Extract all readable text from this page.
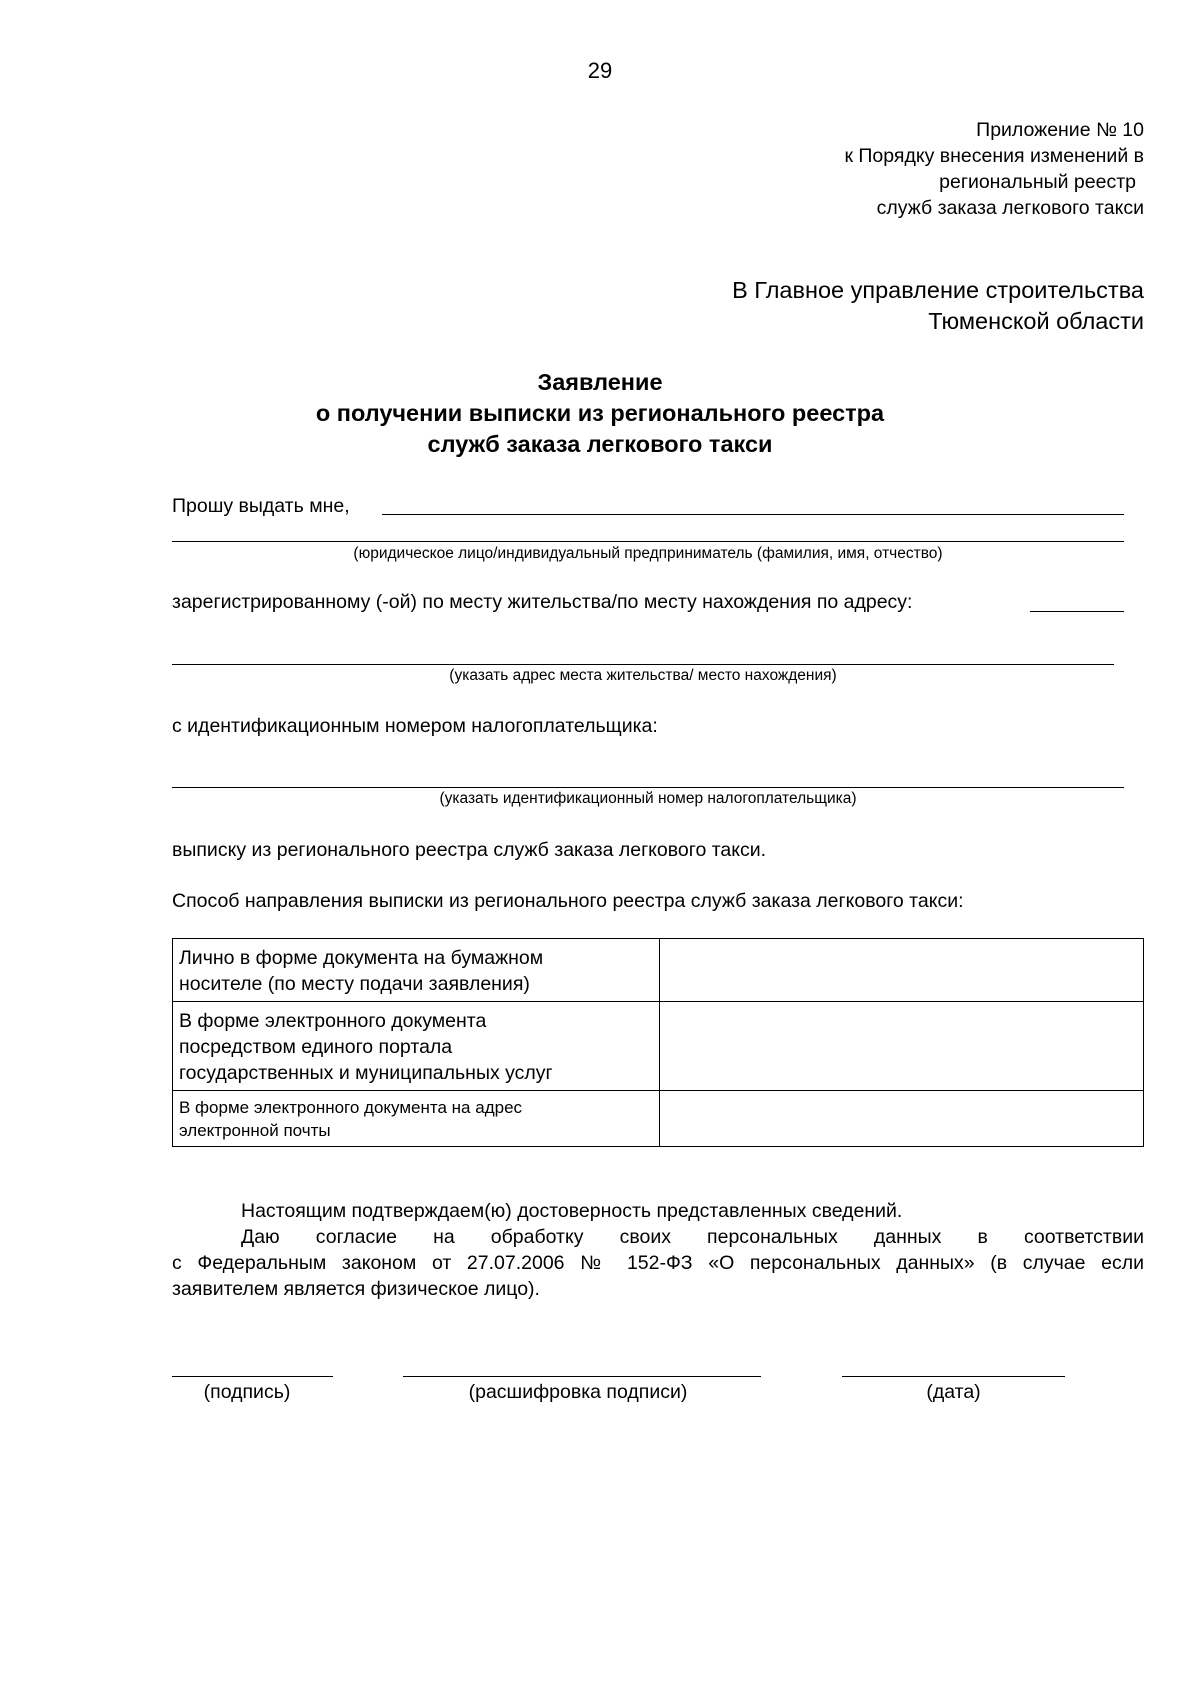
29
Приложение № 10
к Порядку внесения изменений в
региональный реестр
служб заказа легкового такси
В Главное управление строительства
Тюменской области
Заявление
о получении выписки из регионального реестра
служб заказа легкового такси
Прошу выдать мне,
(юридическое лицо/индивидуальный предприниматель (фамилия, имя, отчество)
зарегистрированному (-ой) по месту жительства/по месту нахождения по адресу:
(указать адрес места жительства/ место нахождения)
с идентификационным номером налогоплательщика:
(указать идентификационный номер налогоплательщика)
выписку из регионального реестра служб заказа легкового такси.
Способ направления выписки из регионального реестра служб заказа легкового такси:
Лично в форме документа на бумажном
носителе (по месту подачи заявления)	

В форме электронного документа
посредством единого портала
государственных и муниципальных услуг	

В форме электронного документа на адрес
электронной почты	

Настоящим подтверждаем(ю) достоверность представленных сведений.

Даю согласие на обработку своих персональных данных в соответствии

с Федеральным законом от 27.07.2006 № 152-ФЗ «О персональных данных» (в случае если

заявителем является физическое лицо).

(подпись)	(расшифровка подписи)	(дата)
